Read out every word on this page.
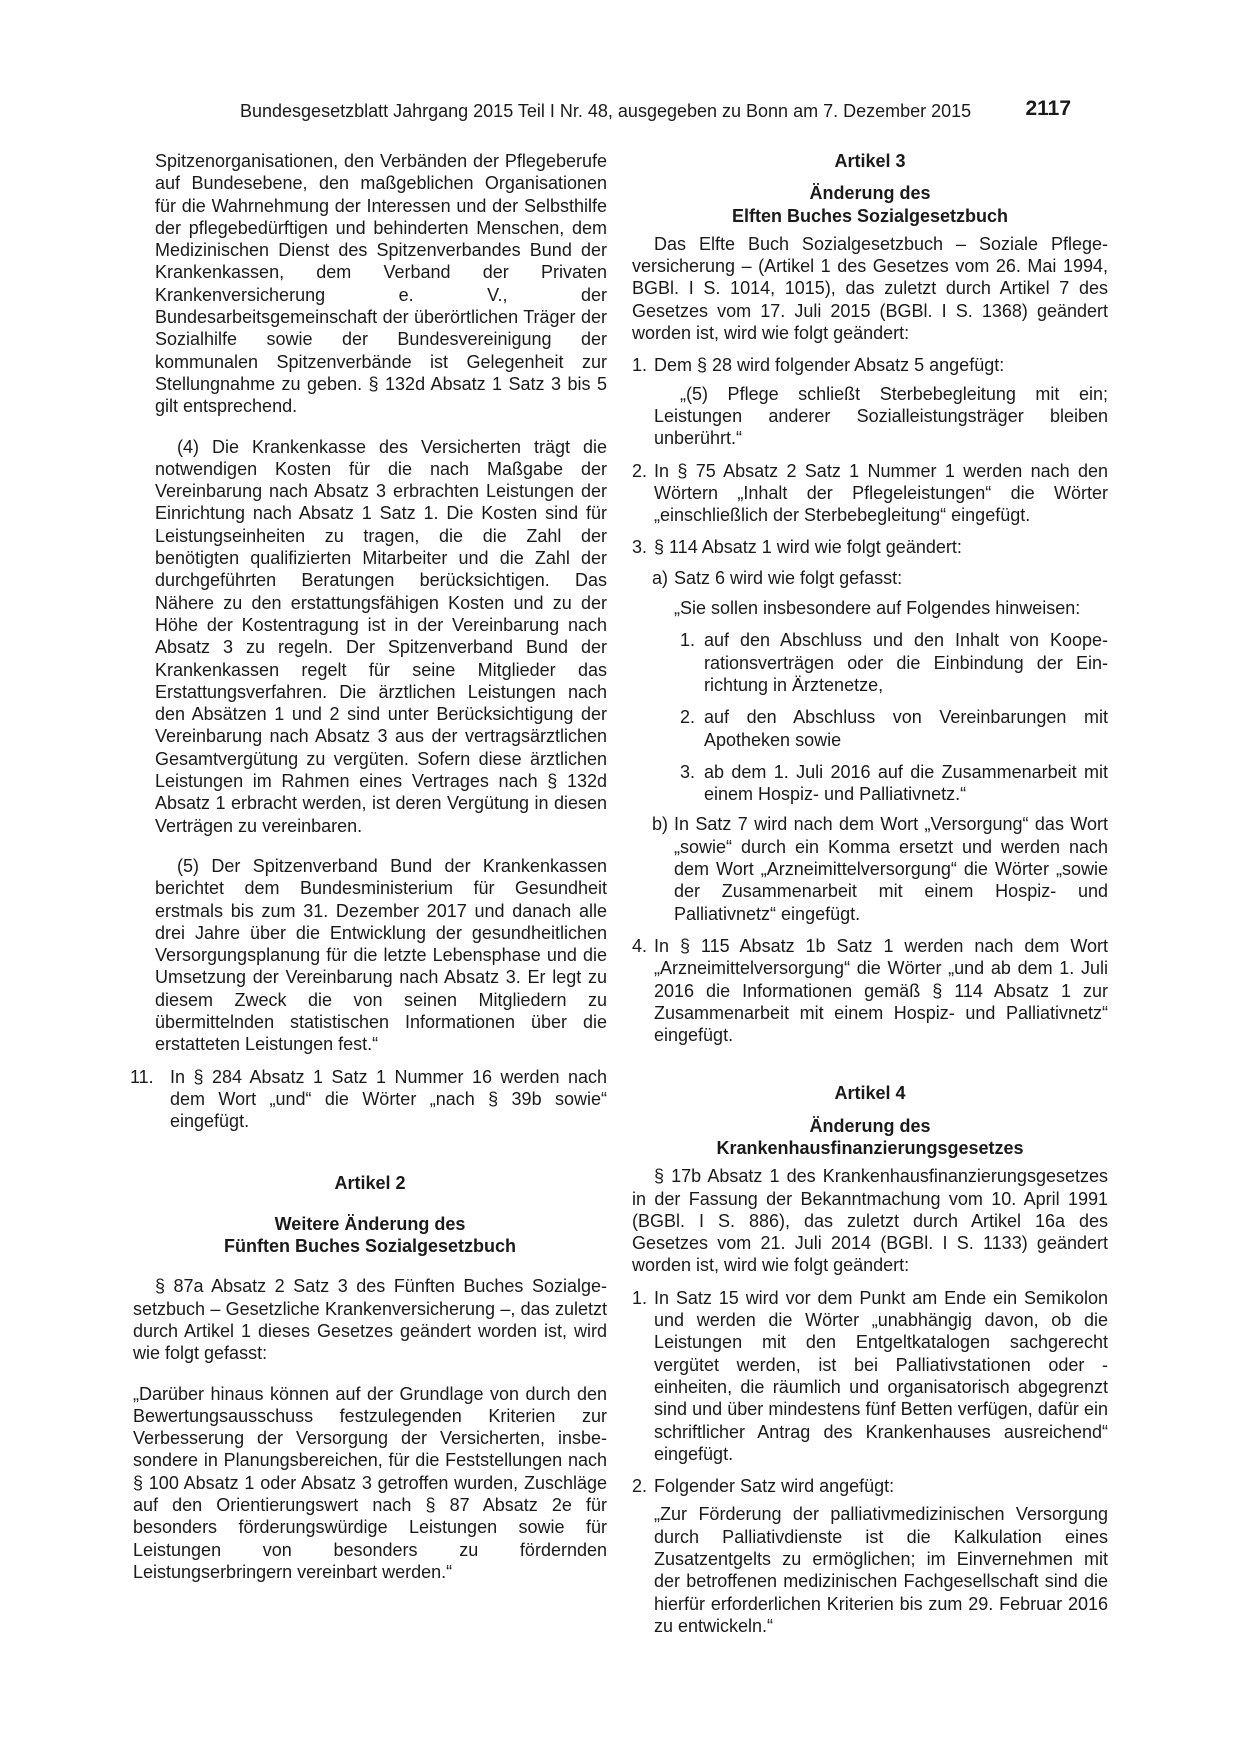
Bundesgesetzblatt Jahrgang 2015 Teil I Nr. 48, ausgegeben zu Bonn am 7. Dezember 2015	2117

Spitzenorganisationen, den Verbänden der Pflegeberufe auf Bundesebene, den maßgeblichen Organisationen für die Wahrnehmung der Interessen und der Selbsthilfe der pflegebedürftigen und behinderten Menschen, dem Medizinischen Dienst des Spitzenverbandes Bund der Krankenkassen, dem Verband der Privaten Krankenversicherung e. V., der Bundesarbeitsgemeinschaft der überörtlichen Träger der Sozialhilfe sowie der Bundesvereinigung der kommunalen Spitzenverbände ist Gelegenheit zur Stellungnahme zu geben. § 132d Absatz 1 Satz 3 bis 5 gilt entsprechend.

(4) Die Krankenkasse des Versicherten trägt die notwendigen Kosten für die nach Maßgabe der Vereinbarung nach Absatz 3 erbrachten Leistungen der Einrichtung nach Absatz 1 Satz 1. Die Kosten sind für Leistungseinheiten zu tragen, die die Zahl der benötigten qualifizierten Mitarbeiter und die Zahl der durchgeführten Beratungen berücksichtigen. Das Nähere zu den erstattungsfähigen Kosten und zu der Höhe der Kostentragung ist in der Vereinbarung nach Absatz 3 zu regeln. Der Spitzenverband Bund der Krankenkassen regelt für seine Mitglieder das Erstattungsverfahren. Die ärztlichen Leistungen nach den Absätzen 1 und 2 sind unter Berücksichtigung der Vereinbarung nach Absatz 3 aus der vertragsärztlichen Gesamtvergütung zu vergüten. Sofern diese ärztlichen Leistungen im Rahmen eines Vertrages nach § 132d Absatz 1 erbracht werden, ist deren Vergütung in diesen Verträgen zu vereinbaren.

(5) Der Spitzenverband Bund der Krankenkassen berichtet dem Bundesministerium für Gesundheit erstmals bis zum 31. Dezember 2017 und danach alle drei Jahre über die Entwicklung der gesundheitlichen Versorgungsplanung für die letzte Lebensphase und die Umsetzung der Vereinbarung nach Absatz 3. Er legt zu diesem Zweck die von seinen Mitgliedern zu übermittelnden statistischen Informationen über die erstatteten Leistungen fest.“

11. In § 284 Absatz 1 Satz 1 Nummer 16 werden nach dem Wort „und“ die Wörter „nach § 39b sowie“ eingefügt.

Artikel 2

Weitere Änderung des

Fünften Buches Sozialgesetzbuch

§ 87a Absatz 2 Satz 3 des Fünften Buches Sozialgesetzbuch – Gesetzliche Krankenversicherung –, das zuletzt durch Artikel 1 dieses Gesetzes geändert worden ist, wird wie folgt gefasst:

„Darüber hinaus können auf der Grundlage von durch den Bewertungsausschuss festzulegenden Kriterien zur Verbesserung der Versorgung der Versicherten, insbesondere in Planungsbereichen, für die Feststellungen nach § 100 Absatz 1 oder Absatz 3 getroffen wurden, Zuschläge auf den Orientierungswert nach § 87 Absatz 2e für besonders förderungswürdige Leistungen sowie für Leistungen von besonders zu fördernden Leistungserbringern vereinbart werden.“

Artikel 3

Änderung des

Elften Buches Sozialgesetzbuch

Das Elfte Buch Sozialgesetzbuch – Soziale Pflegeversicherung – (Artikel 1 des Gesetzes vom 26. Mai 1994, BGBl. I S. 1014, 1015), das zuletzt durch Artikel 7 des Gesetzes vom 17. Juli 2015 (BGBl. I S. 1368) geändert worden ist, wird wie folgt geändert:

1. Dem § 28 wird folgender Absatz 5 angefügt:

„(5) Pflege schließt Sterbebegleitung mit ein; Leistungen anderer Sozialleistungsträger bleiben unberührt.“

2. In § 75 Absatz 2 Satz 1 Nummer 1 werden nach den Wörtern „Inhalt der Pflegeleistungen“ die Wörter „einschließlich der Sterbebegleitung“ eingefügt.
3. § 114 Absatz 1 wird wie folgt geändert:
a) Satz 6 wird wie folgt gefasst:

„Sie sollen insbesondere auf Folgendes hinweisen:

1. auf den Abschluss und den Inhalt von Kooperationsverträgen oder die Einbindung der Einrichtung in Ärztenetze,
2. auf den Abschluss von Vereinbarungen mit Apotheken sowie
3. ab dem 1. Juli 2016 auf die Zusammenarbeit mit einem Hospiz- und Palliativnetz.“
b) In Satz 7 wird nach dem Wort „Versorgung“ das Wort „sowie“ durch ein Komma ersetzt und werden nach dem Wort „Arzneimittelversorgung“ die Wörter „sowie der Zusammenarbeit mit einem Hospiz- und Palliativnetz“ eingefügt.
4. In § 115 Absatz 1b Satz 1 werden nach dem Wort „Arzneimittelversorgung“ die Wörter „und ab dem 1. Juli 2016 die Informationen gemäß § 114 Absatz 1 zur Zusammenarbeit mit einem Hospiz- und Palliativnetz“ eingefügt.

Artikel 4

Änderung des

Krankenhausfinanzierungsgesetzes

§ 17b Absatz 1 des Krankenhausfinanzierungsgesetzes in der Fassung der Bekanntmachung vom 10. April 1991 (BGBl. I S. 886), das zuletzt durch Artikel 16a des Gesetzes vom 21. Juli 2014 (BGBl. I S. 1133) geändert worden ist, wird wie folgt geändert:

1. In Satz 15 wird vor dem Punkt am Ende ein Semikolon und werden die Wörter „unabhängig davon, ob die Leistungen mit den Entgeltkatalogen sachgerecht vergütet werden, ist bei Palliativstationen oder -einheiten, die räumlich und organisatorisch abgegrenzt sind und über mindestens fünf Betten verfügen, dafür ein schriftlicher Antrag des Krankenhauses ausreichend“ eingefügt.
2. Folgender Satz wird angefügt:

„Zur Förderung der palliativmedizinischen Versorgung durch Palliativdienste ist die Kalkulation eines Zusatzentgelts zu ermöglichen; im Einvernehmen mit der betroffenen medizinischen Fachgesellschaft sind die hierfür erforderlichen Kriterien bis zum 29. Februar 2016 zu entwickeln.“
